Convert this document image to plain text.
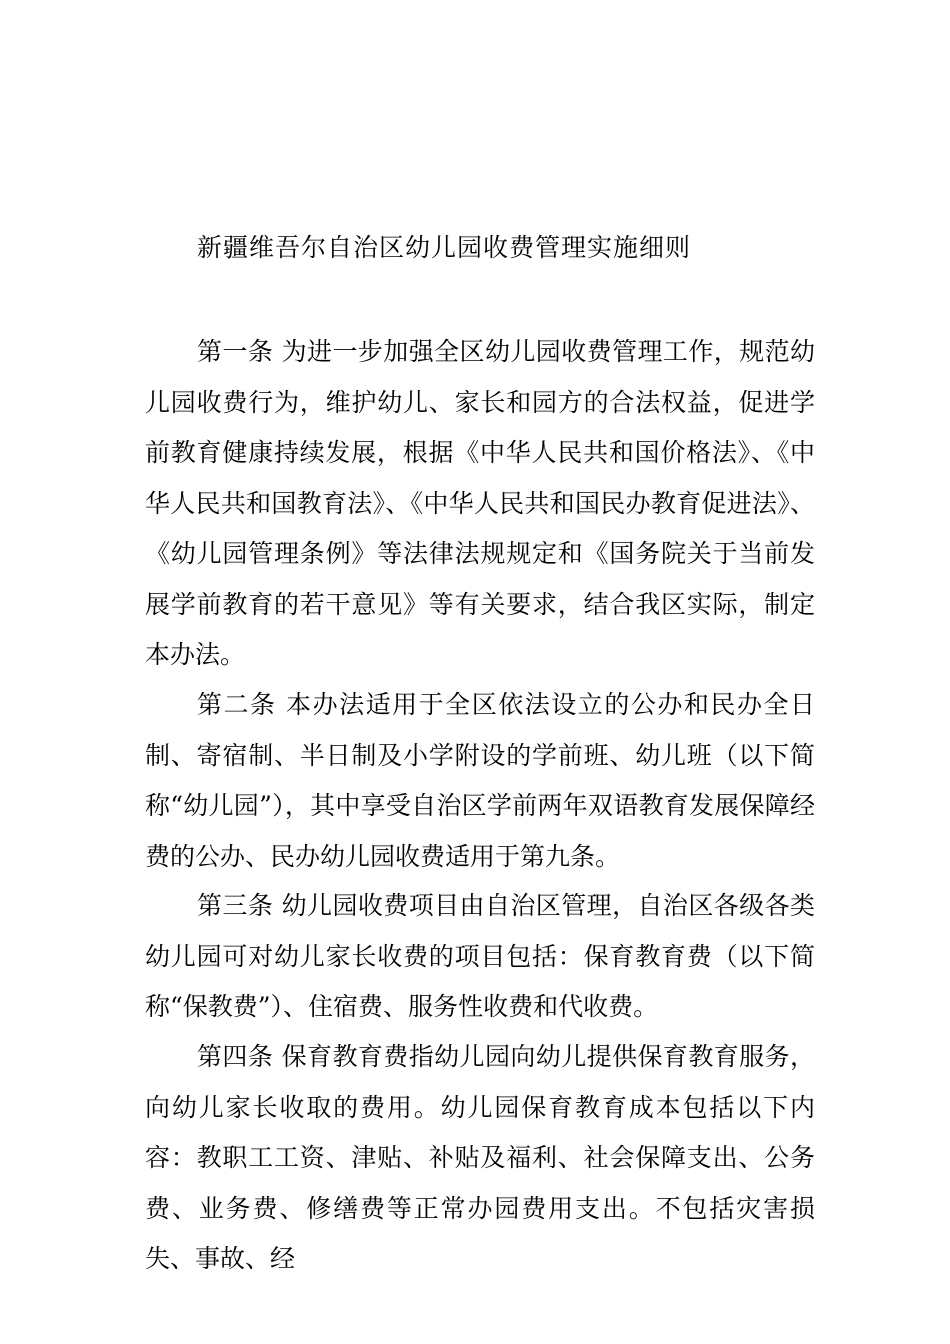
新疆维吾尔自治区幼儿园收费管理实施细则

第一条 为进一步加强全区幼儿园收费管理工作，规范幼儿园收费行为，维护幼儿、家长和园方的合法权益，促进学前教育健康持续发展，根据《中华人民共和国价格法》、《中华人民共和国教育法》、《中华人民共和国民办教育促进法》、《幼儿园管理条例》等法律法规规定和《国务院关于当前发展学前教育的若干意见》等有关要求，结合我区实际，制定本办法。

第二条 本办法适用于全区依法设立的公办和民办全日制、寄宿制、半日制及小学附设的学前班、幼儿班（以下简称“幼儿园”），其中享受自治区学前两年双语教育发展保障经费的公办、民办幼儿园收费适用于第九条。

第三条 幼儿园收费项目由自治区管理，自治区各级各类幼儿园可对幼儿家长收费的项目包括：保育教育费（以下简称“保教费”）、住宿费、服务性收费和代收费。

第四条 保育教育费指幼儿园向幼儿提供保育教育服务，向幼儿家长收取的费用。幼儿园保育教育成本包括以下内容：教职工工资、津贴、补贴及福利、社会保障支出、公务费、业务费、修缮费等正常办园费用支出。不包括灾害损失、事故、经
